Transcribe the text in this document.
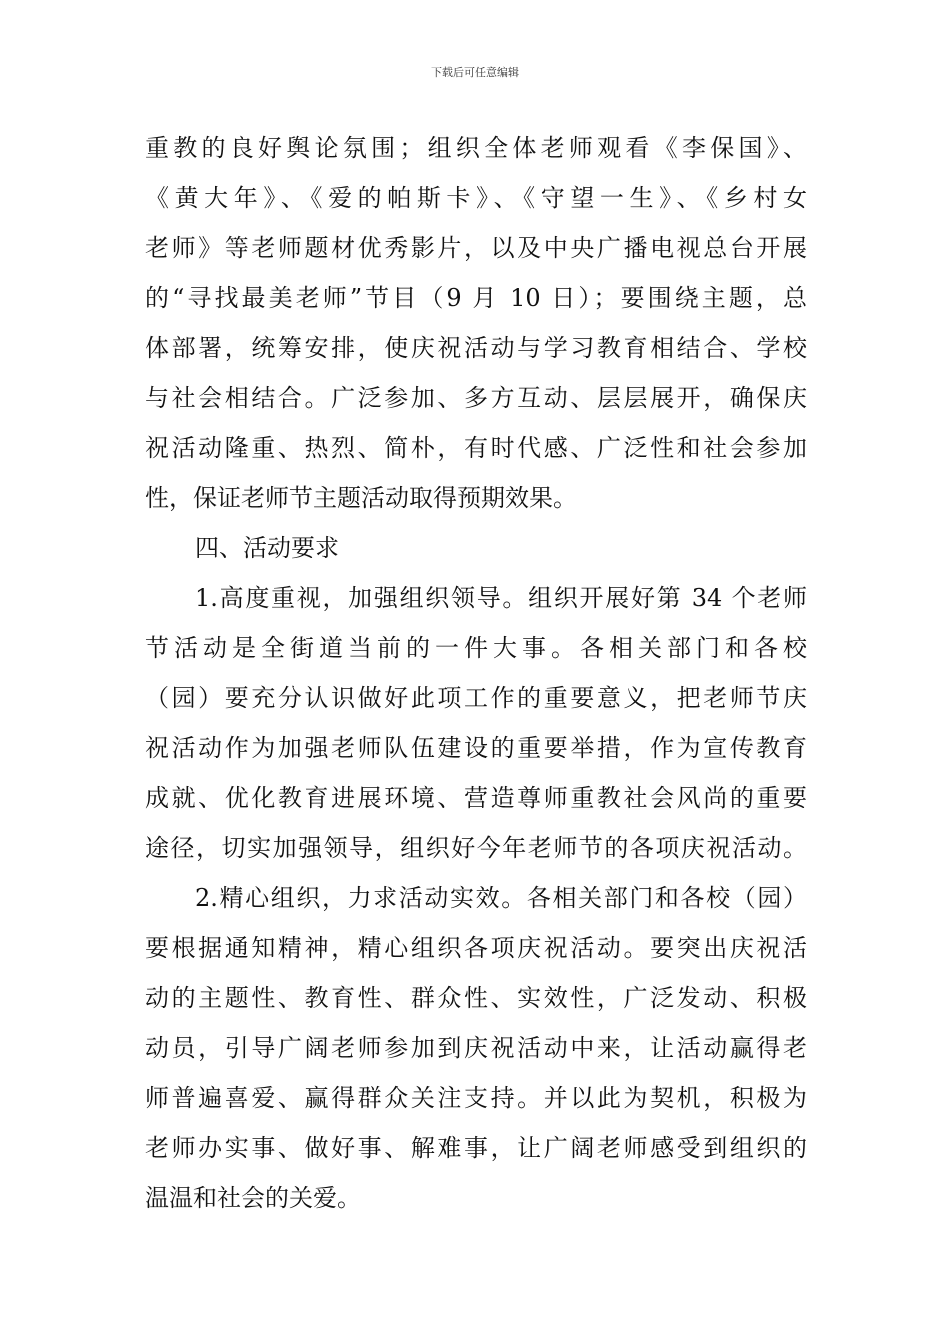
下载后可任意编辑
重教的良好舆论氛围；组织全体老师观看《李保国》、
《黄大年》、《爱的帕斯卡》、《守望一生》、《乡村女
老师》等老师题材优秀影片，以及中央广播电视总台开展
的“寻找最美老师”节目（9 月 10 日）；要围绕主题，总
体部署，统筹安排，使庆祝活动与学习教育相结合、学校
与社会相结合。广泛参加、多方互动、层层展开，确保庆
祝活动隆重、热烈、简朴，有时代感、广泛性和社会参加
性，保证老师节主题活动取得预期效果。
四、活动要求
1.高度重视，加强组织领导。组织开展好第 34 个老师
节活动是全街道当前的一件大事。各相关部门和各校
（园）要充分认识做好此项工作的重要意义，把老师节庆
祝活动作为加强老师队伍建设的重要举措，作为宣传教育
成就、优化教育进展环境、营造尊师重教社会风尚的重要
途径，切实加强领导，组织好今年老师节的各项庆祝活动。
2.精心组织，力求活动实效。各相关部门和各校（园）
要根据通知精神，精心组织各项庆祝活动。要突出庆祝活
动的主题性、教育性、群众性、实效性，广泛发动、积极
动员，引导广阔老师参加到庆祝活动中来，让活动赢得老
师普遍喜爱、赢得群众关注支持。并以此为契机，积极为
老师办实事、做好事、解难事，让广阔老师感受到组织的
温温和社会的关爱。
